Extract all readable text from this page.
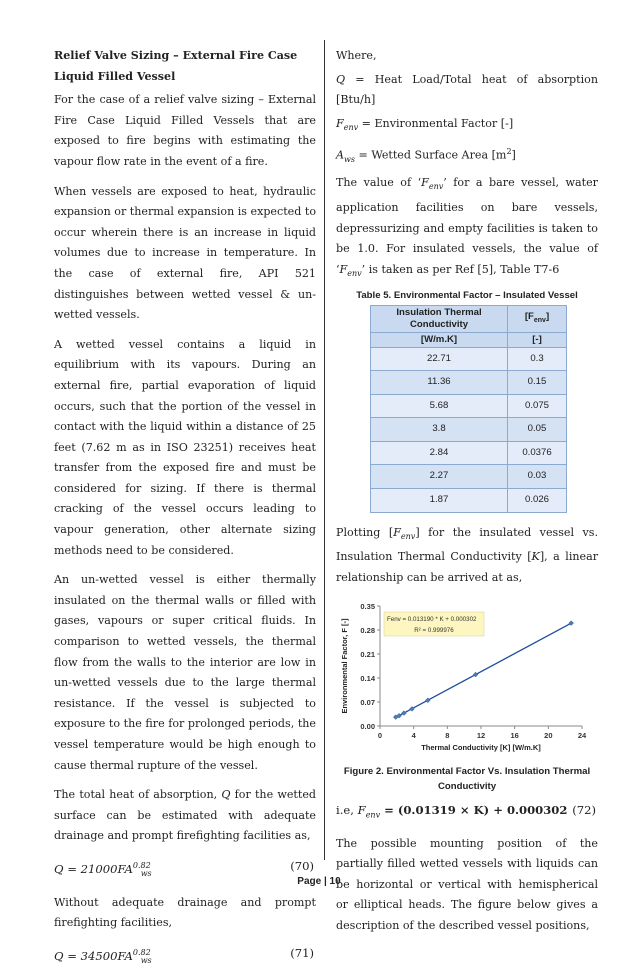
Relief Valve Sizing – External Fire Case Liquid Filled Vessel

For the case of a relief valve sizing – External Fire Case Liquid Filled Vessels that are exposed to fire begins with estimating the vapour flow rate in the event of a fire.

When vessels are exposed to heat, hydraulic expansion or thermal expansion is expected to occur wherein there is an increase in liquid volumes due to increase in temperature. In the case of external fire, API 521 distinguishes between wetted vessel & un-wetted vessels.

A wetted vessel contains a liquid in equilibrium with its vapours. During an external fire, partial evaporation of liquid occurs, such that the portion of the vessel in contact with the liquid within a distance of 25 feet (7.62 m as in ISO 23251) receives heat transfer from the exposed fire and must be considered for sizing. If there is thermal cracking of the vessel occurs leading to vapour generation, other alternate sizing methods need to be considered.

An un-wetted vessel is either thermally insulated on the thermal walls or filled with gases, vapours or super critical fluids. In comparison to wetted vessels, the thermal flow from the walls to the interior are low in un-wetted vessels due to the large thermal resistance. If the vessel is subjected to exposure to the fire for prolonged periods, the vessel temperature would be high enough to cause thermal rupture of the vessel.

The total heat of absorption, Q for the wetted surface can be estimated with adequate drainage and prompt firefighting facilities as,

$Q = 21000FA^{0.82}_{ws}$
(70)

Without adequate drainage and prompt firefighting facilities,

$Q = 34500FA^{0.82}_{ws}$
(71)

Where,

Q = Heat Load/Total heat of absorption [Btu/h]

$F_{env}$ = Environmental Factor [-]

$A_{ws}$ = Wetted Surface Area $[m^2]$

The value of ‘$F_{env}$’ for a bare vessel, water application facilities on bare vessels, depressurizing and empty facilities is taken to be 1.0. For insulated vessels, the value of ‘$F_{env}$’ is taken as per Ref [5], Table T7-6

Table 5. Environmental Factor – Insulated Vessel
Insulation Thermal Conductivity	$[F_{env}]$
[W/m.K]	[-]
22.71	0.3
11.36	0.15
5.68	0.075
3.8	0.05
2.84	0.0376
2.27	0.03
1.87	0.026

Plotting $[F_{env}]$ for the insulated vessel vs. Insulation Thermal Conductivity [K], a linear relationship can be arrived at as,

0.00
0.07
0.14
0.21
0.28
0.35
0	4	8	12	16	20	24
Thermal Conductivity [K] [W/m.K]
Environmental Factor, F [-]	Fenv = 0.013190 * K + 0.000302
R² = 0.999976
Figure 2. Environmental Factor Vs. Insulation Thermal Conductivity
i.e, $F_{env} = (0.01319 \times K) + 0.000302$ (72)

The possible mounting position of the partially filled wetted vessels with liquids can be horizontal or vertical with hemispherical or elliptical heads. The figure below gives a description of the described vessel positions,

Page | 10
